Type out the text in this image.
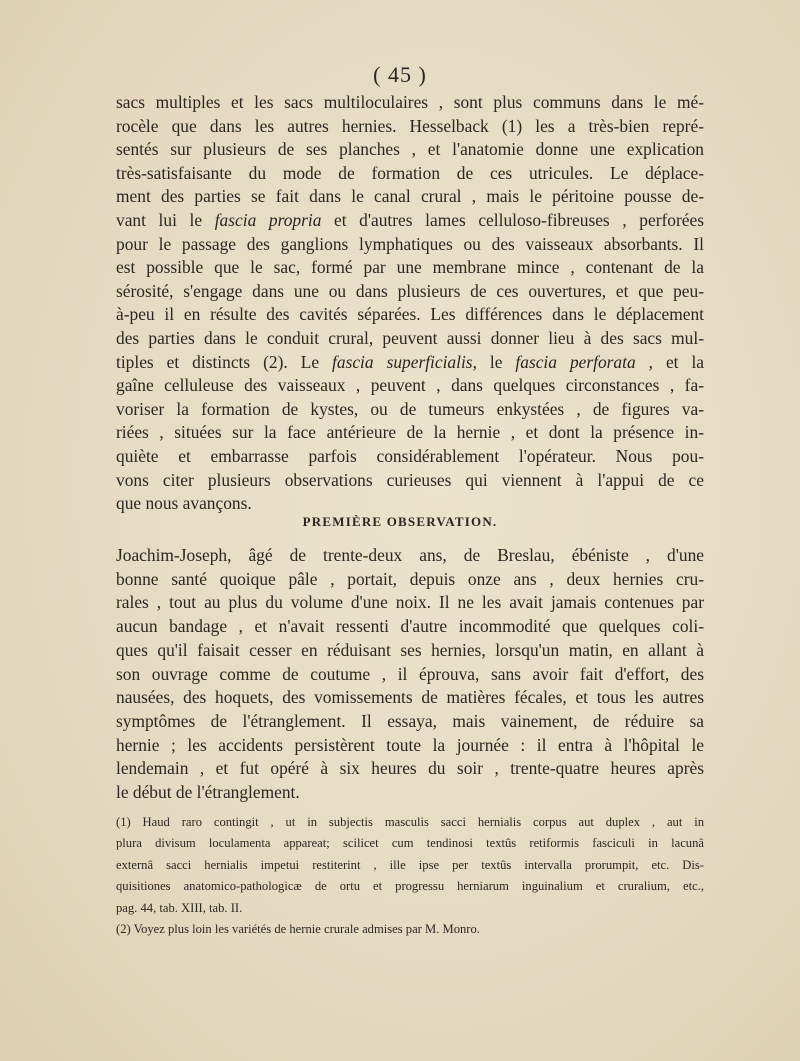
( 45 )
sacs multiples et les sacs multiloculaires , sont plus communs dans le mé-
rocèle que dans les autres hernies. Hesselback (1) les a très-bien repré-
sentés sur plusieurs de ses planches , et l'anatomie donne une explication
très-satisfaisante du mode de formation de ces utricules. Le déplace-
ment des parties se fait dans le canal crural , mais le péritoine pousse de-
vant lui le fascia propria et d'autres lames celluloso-fibreuses , perforées
pour le passage des ganglions lymphatiques ou des vaisseaux absorbants. Il
est possible que le sac, formé par une membrane mince , contenant de la
sérosité, s'engage dans une ou dans plusieurs de ces ouvertures, et que peu-
à-peu il en résulte des cavités séparées. Les différences dans le déplacement
des parties dans le conduit crural, peuvent aussi donner lieu à des sacs mul-
tiples et distincts (2). Le fascia superficialis, le fascia perforata , et la
gaîne celluleuse des vaisseaux , peuvent , dans quelques circonstances , fa-
voriser la formation de kystes, ou de tumeurs enkystées , de figures va-
riées , situées sur la face antérieure de la hernie , et dont la présence in-
quiète et embarrasse parfois considérablement l'opérateur. Nous pou-
vons citer plusieurs observations curieuses qui viennent à l'appui de ce
que nous avançons.
PREMIÈRE OBSERVATION.
Joachim-Joseph, âgé de trente-deux ans, de Breslau, ébéniste , d'une
bonne santé quoique pâle , portait, depuis onze ans , deux hernies cru-
rales , tout au plus du volume d'une noix. Il ne les avait jamais contenues par
aucun bandage , et n'avait ressenti d'autre incommodité que quelques coli-
ques qu'il faisait cesser en réduisant ses hernies, lorsqu'un matin, en allant à
son ouvrage comme de coutume , il éprouva, sans avoir fait d'effort, des
nausées, des hoquets, des vomissements de matières fécales, et tous les autres
symptômes de l'étranglement. Il essaya, mais vainement, de réduire sa
hernie ; les accidents persistèrent toute la journée : il entra à l'hôpital le
lendemain , et fut opéré à six heures du soir , trente-quatre heures après
le début de l'étranglement.
(1) Haud raro contingit , ut in subjectis masculis sacci hernialis corpus aut duplex , aut in
plura divisum loculamenta appareat; scilicet cum tendinosi textûs retiformis fasciculi in lacunâ
externâ sacci hernialis impetui restiterint , ille ipse per textûs intervalla prorumpit, etc. Dis-
quisitiones anatomico-pathologicæ de ortu et progressu herniarum inguinalium et cruralium, etc.,
pag. 44, tab. XIII, tab. II.
(2) Voyez plus loin les variétés de hernie crurale admises par M. Monro.
